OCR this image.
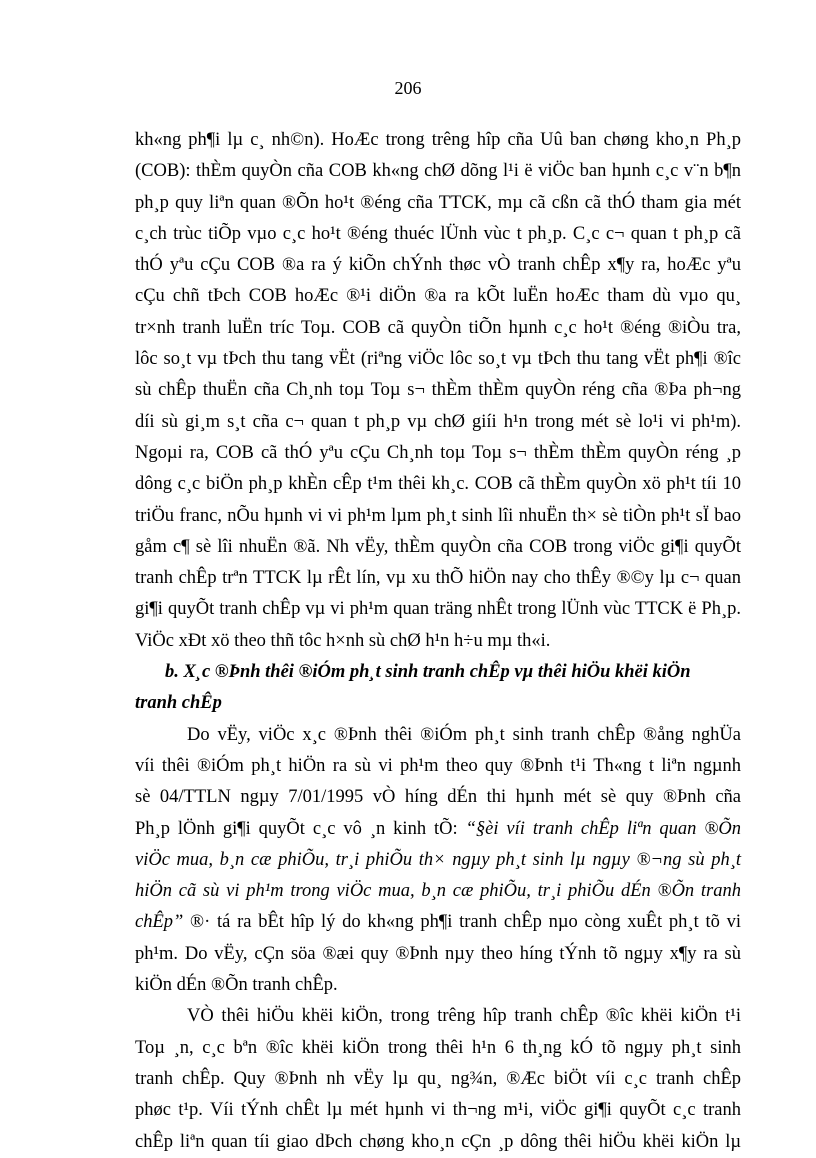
206
kh«ng ph¶i lµ c¸ nh©n). HoÆc trong trêng hîp cña Uû ban chøng kho¸n Ph¸p
(COB): thÈm quyÒn cña COB kh«ng chØ dõng l¹i ë viÖc ban hµnh c¸c v¨n b¶n
ph¸p quy liªn quan ®Õn ho¹t ®éng cña TTCK, mµ cã cßn cã thÓ tham gia mét
c¸ch trùc tiÕp vµo c¸c ho¹t ®éng thuéc lÜnh vùc t ph¸p. C¸c c¬ quan t ph¸p cã
thÓ yªu cÇu COB ®a ra ý kiÕn chÝnh thøc vÒ tranh chÊp x¶y ra, hoÆc yªu
cÇu chñ tÞch COB hoÆc ®¹i diÖn ®a ra kÕt luËn hoÆc tham dù vµo qu¸
tr×nh tranh luËn tríc Toµ. COB cã quyÒn tiÕn hµnh c¸c ho¹t ®éng ®iÒu tra,
lôc so¸t vµ tÞch thu tang vËt (riªng viÖc lôc so¸t vµ tÞch thu tang vËt ph¶i ®îc
sù chÊp thuËn cña Ch¸nh toµ Toµ s¬ thÈm thÈm quyÒn réng cña ®Þa ph¬ng
díi sù gi¸m s¸t cña c¬ quan t ph¸p vµ chØ giíi h¹n trong mét sè lo¹i vi ph¹m).
Ngoµi ra, COB cã thÓ yªu cÇu Ch¸nh toµ Toµ s¬ thÈm thÈm quyÒn réng ¸p
dông c¸c biÖn ph¸p khÈn cÊp t¹m thêi kh¸c. COB cã thÈm quyÒn xö ph¹t tíi 10
triÖu franc, nÕu hµnh vi vi ph¹m lµm ph¸t sinh lîi nhuËn th× sè tiÒn ph¹t sÏ bao
gåm c¶ sè lîi nhuËn ®ã. Nh vËy, thÈm quyÒn cña COB trong viÖc gi¶i quyÕt
tranh chÊp trªn TTCK lµ rÊt lín, vµ xu thÕ hiÖn nay cho thÊy ®©y lµ c¬ quan
gi¶i quyÕt tranh chÊp vµ vi ph¹m quan träng nhÊt trong lÜnh vùc TTCK ë Ph¸p.
ViÖc xÐt xö theo thñ tôc h×nh sù chØ h¹n h÷u mµ th«i.
b. X¸c ®Þnh thêi ®iÓm ph¸t sinh tranh chÊp vµ thêi hiÖu khëi kiÖn
tranh chÊp
Do vËy, viÖc x¸c ®Þnh thêi ®iÓm ph¸t sinh tranh chÊp ®ång nghÜa
víi thêi ®iÓm ph¸t hiÖn ra sù vi ph¹m theo quy ®Þnh t¹i Th«ng t liªn ngµnh
sè 04/TTLN ngµy 7/01/1995 vÒ híng dÉn thi hµnh mét sè quy ®Þnh cña
Ph¸p lÖnh gi¶i quyÕt c¸c vô ¸n kinh tÕ: “§èi víi tranh chÊp liªn quan ®Õn
viÖc mua, b¸n cæ phiÕu, tr¸i phiÕu th× ngµy ph¸t sinh lµ ngµy ®¬ng sù ph¸t
hiÖn cã sù vi ph¹m trong viÖc mua, b¸n cæ phiÕu, tr¸i phiÕu dÉn ®Õn tranh
chÊp” ®· tá ra bÊt hîp lý do kh«ng ph¶i tranh chÊp nµo còng xuÊt ph¸t tõ vi
ph¹m. Do vËy, cÇn söa ®æi quy ®Þnh nµy theo híng tÝnh tõ ngµy x¶y ra sù
kiÖn dÉn ®Õn tranh chÊp.
VÒ thêi hiÖu khëi kiÖn, trong trêng hîp tranh chÊp ®îc khëi kiÖn t¹i
Toµ ¸n, c¸c bªn ®îc khëi kiÖn trong thêi h¹n 6 th¸ng kÓ tõ ngµy ph¸t sinh
tranh chÊp. Quy ®Þnh nh vËy lµ qu¸ ng¾n, ®Æc biÖt víi c¸c tranh chÊp
phøc t¹p. Víi tÝnh chÊt lµ mét hµnh vi th¬ng m¹i, viÖc gi¶i quyÕt c¸c tranh
chÊp liªn quan tíi giao dÞch chøng kho¸n cÇn ¸p dông thêi hiÖu khëi kiÖn lµ
